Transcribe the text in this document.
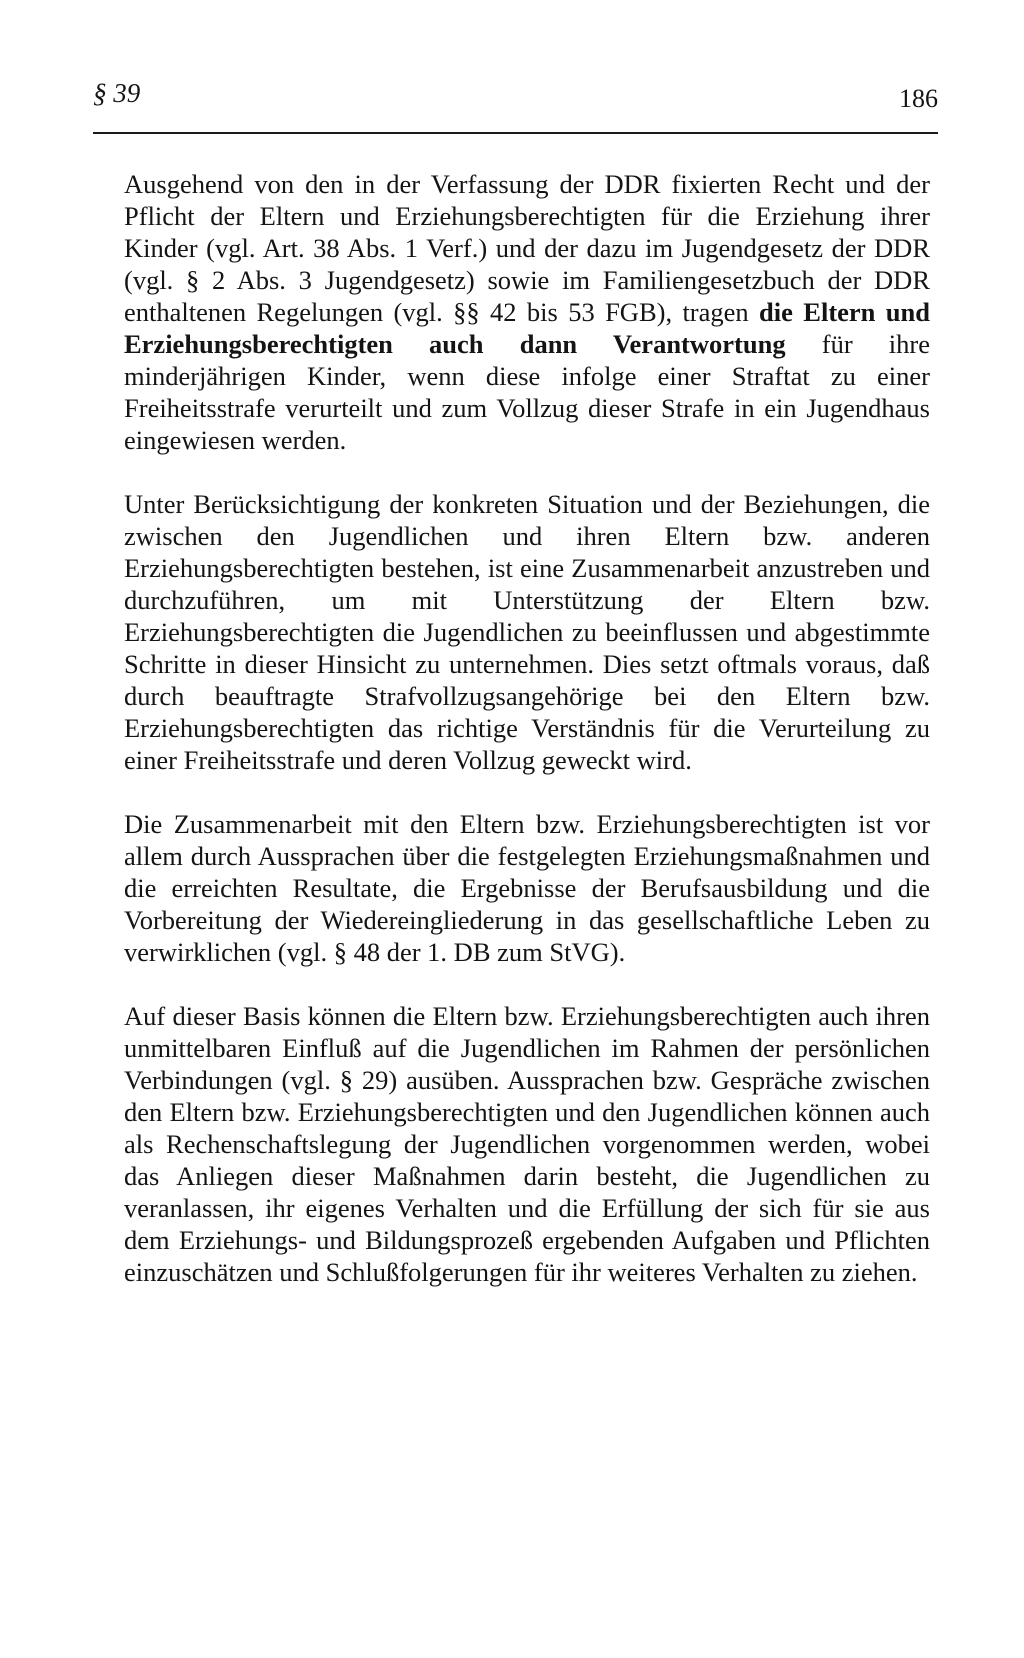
§ 39	186

Ausgehend von den in der Verfassung der DDR fixierten Recht und der Pflicht der Eltern und Erziehungsberechtigten für die Erziehung ihrer Kinder (vgl. Art. 38 Abs. 1 Verf.) und der dazu im Jugendgesetz der DDR (vgl. § 2 Abs. 3 Jugendgesetz) sowie im Familiengesetzbuch der DDR enthaltenen Regelungen (vgl. §§ 42 bis 53 FGB), tragen die Eltern und Erziehungsberechtigten auch dann Verantwortung für ihre minderjährigen Kinder, wenn diese infolge einer Straftat zu einer Freiheitsstrafe verurteilt und zum Vollzug dieser Strafe in ein Jugendhaus eingewiesen werden.

Unter Berücksichtigung der konkreten Situation und der Beziehungen, die zwischen den Jugendlichen und ihren Eltern bzw. anderen Erziehungsberechtigten bestehen, ist eine Zusammenarbeit anzustreben und durchzuführen, um mit Unterstützung der Eltern bzw. Erziehungsberechtigten die Jugendlichen zu beeinflussen und abgestimmte Schritte in dieser Hinsicht zu unternehmen. Dies setzt oftmals voraus, daß durch beauftragte Strafvollzugsangehörige bei den Eltern bzw. Erziehungsberechtigten das richtige Verständnis für die Verurteilung zu einer Freiheitsstrafe und deren Vollzug geweckt wird.

Die Zusammenarbeit mit den Eltern bzw. Erziehungsberechtigten ist vor allem durch Aussprachen über die festgelegten Erziehungsmaßnahmen und die erreichten Resultate, die Ergebnisse der Berufsausbildung und die Vorbereitung der Wiedereingliederung in das gesellschaftliche Leben zu verwirklichen (vgl. § 48 der 1. DB zum StVG).

Auf dieser Basis können die Eltern bzw. Erziehungsberechtigten auch ihren unmittelbaren Einfluß auf die Jugendlichen im Rahmen der persönlichen Verbindungen (vgl. § 29) ausüben. Aussprachen bzw. Gespräche zwischen den Eltern bzw. Erziehungsberechtigten und den Jugendlichen können auch als Rechenschaftslegung der Jugendlichen vorgenommen werden, wobei das Anliegen dieser Maßnahmen darin besteht, die Jugendlichen zu veranlassen, ihr eigenes Verhalten und die Erfüllung der sich für sie aus dem Erziehungs- und Bildungsprozeß ergebenden Aufgaben und Pflichten einzuschätzen und Schlußfolgerungen für ihr weiteres Verhalten zu ziehen.
